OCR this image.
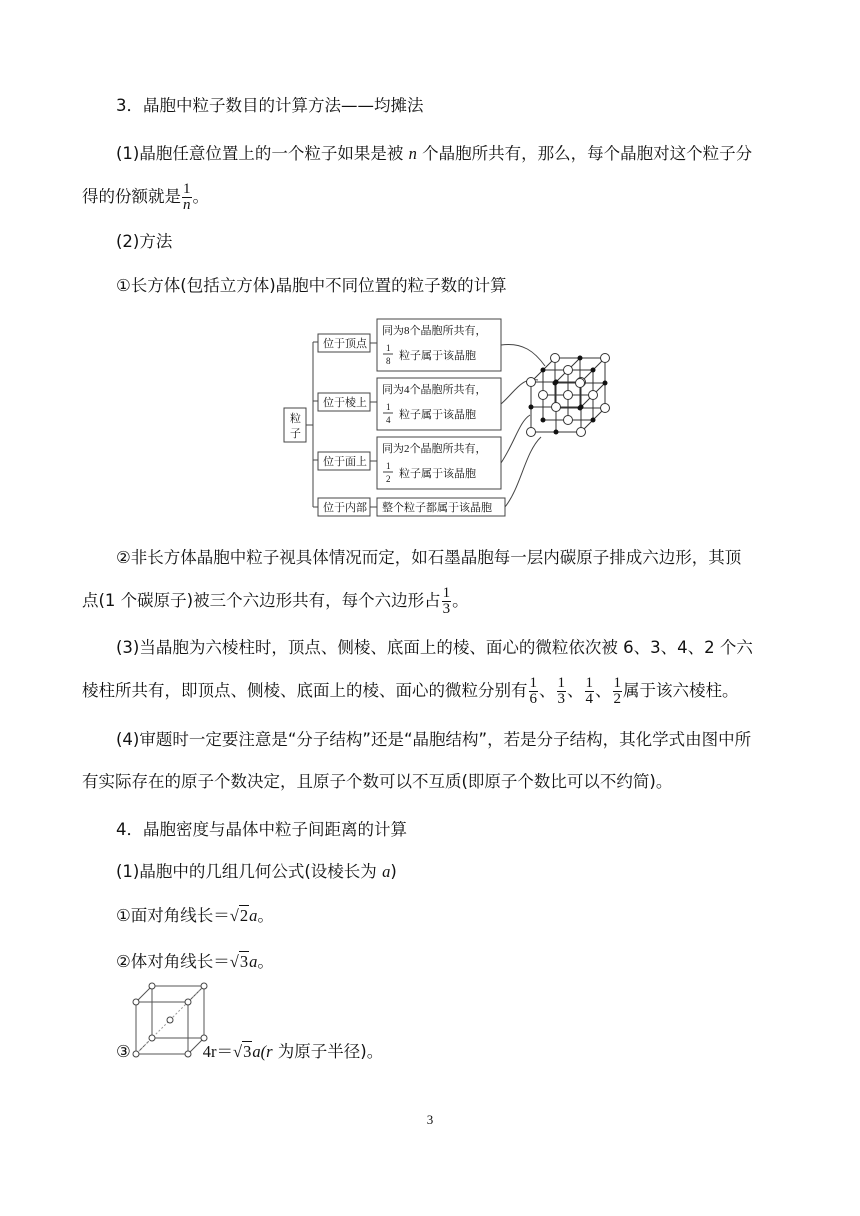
3．晶胞中粒子数目的计算方法——均摊法
(1)晶胞任意位置上的一个粒子如果是被 n 个晶胞所共有，那么，每个晶胞对这个粒子分
得的份额就是 $\frac{1}{n}$ 。
(2)方法
①长方体(包括立方体)晶胞中不同位置的粒子数的计算
粒
子
位于顶点
位于棱上
位于面上
位于内部
同为8个晶胞所共有，
1
8 粒子属于该晶胞
同为4个晶胞所共有，
1
4 粒子属于该晶胞
同为2个晶胞所共有，
1
2 粒子属于该晶胞
整个粒子都属于该晶胞
②非长方体晶胞中粒子视具体情况而定，如石墨晶胞每一层内碳原子排成六边形，其顶
点(1 个碳原子)被三个六边形共有，每个六边形占 $\frac{1}{3}$ 。
(3)当晶胞为六棱柱时，顶点、侧棱、底面上的棱、面心的微粒依次被 6、3、4、2 个六
棱柱所共有，即顶点、侧棱、底面上的棱、面心的微粒分别有 $\frac{1}{6}$ 、 $\frac{1}{3}$ 、 $\frac{1}{4}$ 、 $\frac{1}{2}$ 属于该六棱柱。
(4)审题时一定要注意是“分子结构”还是“晶胞结构”，若是分子结构，其化学式由图中所
有实际存在的原子个数决定，且原子个数可以不互质(即原子个数比可以不约简)。
4．晶胞密度与晶体中粒子间距离的计算
(1)晶胞中的几组几何公式(设棱长为 a)
①面对角线长＝√2a。
②体对角线长＝√3a。
③	4r＝√3a(r 为原子半径)。
3
